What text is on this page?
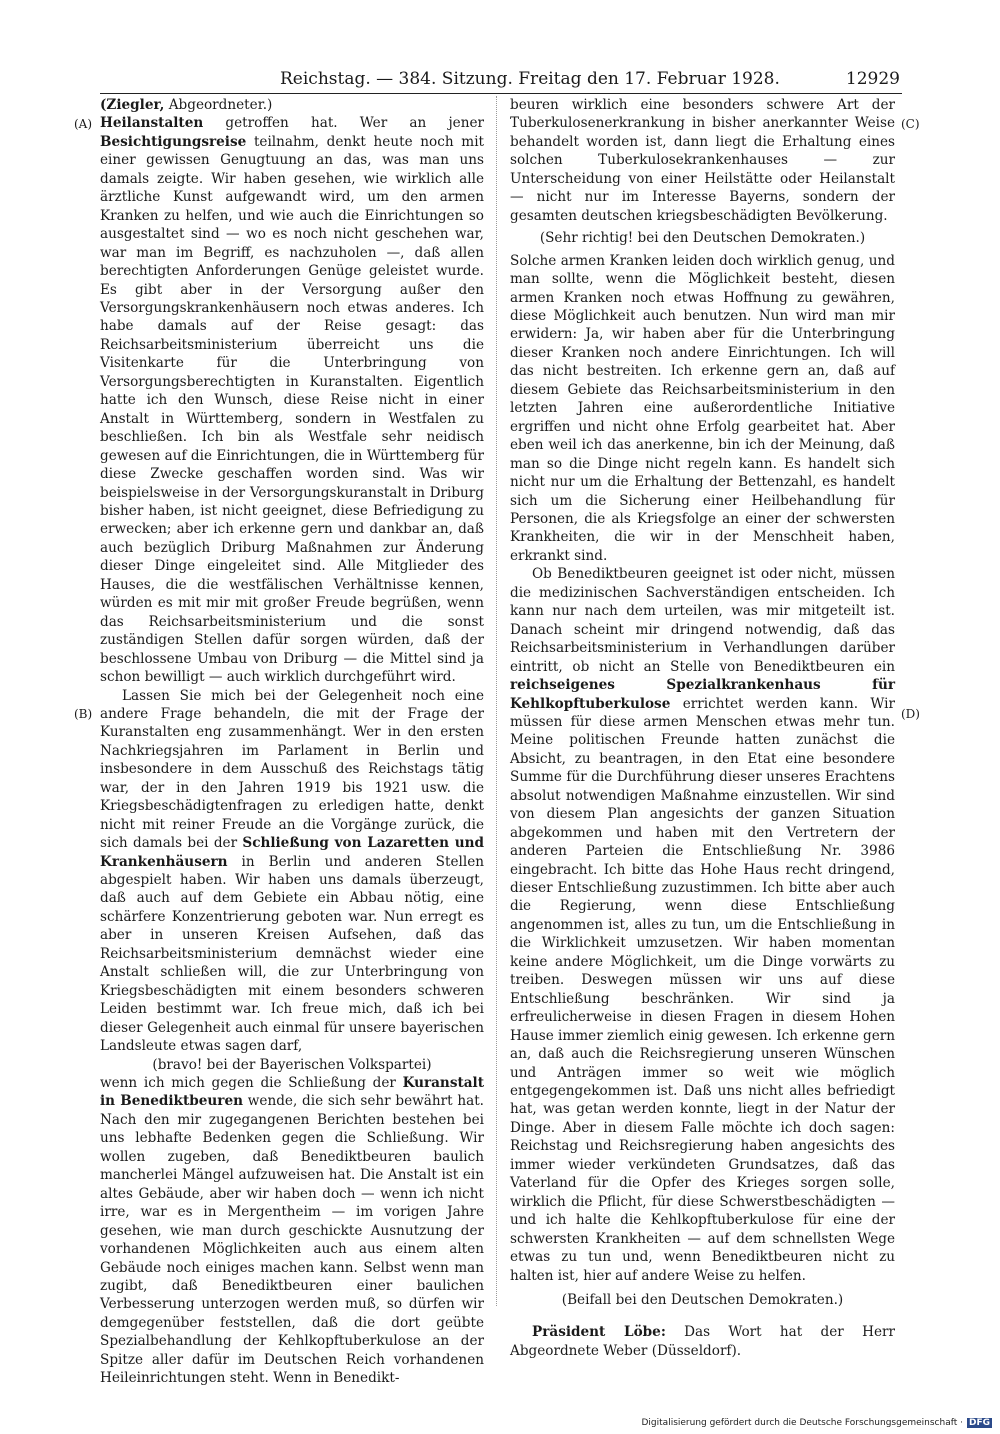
Reichstag. — 384. Sitzung. Freitag den 17. Februar 1928.	12929
(A)
(B)
(C)
(D)

(Ziegler, Abgeordneter.)

Heilanstalten getroffen hat. Wer an jener Besichtigungsreise teilnahm, denkt heute noch mit einer gewissen Genugtuung an das, was man uns damals zeigte. Wir haben gesehen, wie wirklich alle ärztliche Kunst aufgewandt wird, um den armen Kranken zu helfen, und wie auch die Einrichtungen so ausgestaltet sind — wo es noch nicht geschehen war, war man im Begriff, es nachzuholen —, daß allen berechtigten Anforderungen Genüge geleistet wurde. Es gibt aber in der Versorgung außer den Versorgungskrankenhäusern noch etwas anderes. Ich habe damals auf der Reise gesagt: das Reichsarbeitsministerium überreicht uns die Visitenkarte für die Unterbringung von Versorgungsberechtigten in Kuranstalten. Eigentlich hatte ich den Wunsch, diese Reise nicht in einer Anstalt in Württemberg, sondern in Westfalen zu beschließen. Ich bin als Westfale sehr neidisch gewesen auf die Einrichtungen, die in Württemberg für diese Zwecke geschaffen worden sind. Was wir beispielsweise in der Versorgungskuranstalt in Driburg bisher haben, ist nicht geeignet, diese Befriedigung zu erwecken; aber ich erkenne gern und dankbar an, daß auch bezüglich Driburg Maßnahmen zur Änderung dieser Dinge eingeleitet sind. Alle Mitglieder des Hauses, die die westfälischen Verhältnisse kennen, würden es mit mir mit großer Freude begrüßen, wenn das Reichsarbeitsministerium und die sonst zuständigen Stellen dafür sorgen würden, daß der beschlossene Umbau von Driburg — die Mittel sind ja schon bewilligt — auch wirklich durchgeführt wird.

Lassen Sie mich bei der Gelegenheit noch eine andere Frage behandeln, die mit der Frage der Kuranstalten eng zusammenhängt. Wer in den ersten Nachkriegsjahren im Parlament in Berlin und insbesondere in dem Ausschuß des Reichstags tätig war, der in den Jahren 1919 bis 1921 usw. die Kriegsbeschädigtenfragen zu erledigen hatte, denkt nicht mit reiner Freude an die Vorgänge zurück, die sich damals bei der Schließung von Lazaretten und Krankenhäusern in Berlin und anderen Stellen abgespielt haben. Wir haben uns damals überzeugt, daß auch auf dem Gebiete ein Abbau nötig, eine schärfere Konzentrierung geboten war. Nun erregt es aber in unseren Kreisen Aufsehen, daß das Reichsarbeitsministerium demnächst wieder eine Anstalt schließen will, die zur Unterbringung von Kriegsbeschädigten mit einem besonders schweren Leiden bestimmt war. Ich freue mich, daß ich bei dieser Gelegenheit auch einmal für unsere bayerischen Landsleute etwas sagen darf,

(bravo! bei der Bayerischen Volkspartei)

wenn ich mich gegen die Schließung der Kuranstalt in Benediktbeuren wende, die sich sehr bewährt hat. Nach den mir zugegangenen Berichten bestehen bei uns lebhafte Bedenken gegen die Schließung. Wir wollen zugeben, daß Benediktbeuren baulich mancherlei Mängel aufzuweisen hat. Die Anstalt ist ein altes Gebäude, aber wir haben doch — wenn ich nicht irre, war es in Mergentheim — im vorigen Jahre gesehen, wie man durch geschickte Ausnutzung der vorhandenen Möglichkeiten auch aus einem alten Gebäude noch einiges machen kann. Selbst wenn man zugibt, daß Benediktbeuren einer baulichen Verbesserung unterzogen werden muß, so dürfen wir demgegenüber feststellen, daß die dort geübte Spezialbehandlung der Kehlkopftuberkulose an der Spitze aller dafür im Deutschen Reich vorhandenen Heileinrichtungen steht. Wenn in Benedikt-

beuren wirklich eine besonders schwere Art der Tuberkulosenerkrankung in bisher anerkannter Weise behandelt worden ist, dann liegt die Erhaltung eines solchen Tuberkulosekrankenhauses — zur Unterscheidung von einer Heilstätte oder Heilanstalt — nicht nur im Interesse Bayerns, sondern der gesamten deutschen kriegsbeschädigten Bevölkerung.

(Sehr richtig! bei den Deutschen Demokraten.)

Solche armen Kranken leiden doch wirklich genug, und man sollte, wenn die Möglichkeit besteht, diesen armen Kranken noch etwas Hoffnung zu gewähren, diese Möglichkeit auch benutzen. Nun wird man mir erwidern: Ja, wir haben aber für die Unterbringung dieser Kranken noch andere Einrichtungen. Ich will das nicht bestreiten. Ich erkenne gern an, daß auf diesem Gebiete das Reichsarbeitsministerium in den letzten Jahren eine außerordentliche Initiative ergriffen und nicht ohne Erfolg gearbeitet hat. Aber eben weil ich das anerkenne, bin ich der Meinung, daß man so die Dinge nicht regeln kann. Es handelt sich nicht nur um die Erhaltung der Bettenzahl, es handelt sich um die Sicherung einer Heilbehandlung für Personen, die als Kriegsfolge an einer der schwersten Krankheiten, die wir in der Menschheit haben, erkrankt sind.

Ob Benediktbeuren geeignet ist oder nicht, müssen die medizinischen Sachverständigen entscheiden. Ich kann nur nach dem urteilen, was mir mitgeteilt ist. Danach scheint mir dringend notwendig, daß das Reichsarbeitsministerium in Verhandlungen darüber eintritt, ob nicht an Stelle von Benediktbeuren ein reichseigenes Spezialkrankenhaus für Kehlkopftuberkulose errichtet werden kann. Wir müssen für diese armen Menschen etwas mehr tun. Meine politischen Freunde hatten zunächst die Absicht, zu beantragen, in den Etat eine besondere Summe für die Durchführung dieser unseres Erachtens absolut notwendigen Maßnahme einzustellen. Wir sind von diesem Plan angesichts der ganzen Situation abgekommen und haben mit den Vertretern der anderen Parteien die Entschließung Nr. 3986 eingebracht. Ich bitte das Hohe Haus recht dringend, dieser Entschließung zuzustimmen. Ich bitte aber auch die Regierung, wenn diese Entschließung angenommen ist, alles zu tun, um die Entschließung in die Wirklichkeit umzusetzen. Wir haben momentan keine andere Möglichkeit, um die Dinge vorwärts zu treiben. Deswegen müssen wir uns auf diese Entschließung beschränken. Wir sind ja erfreulicherweise in diesen Fragen in diesem Hohen Hause immer ziemlich einig gewesen. Ich erkenne gern an, daß auch die Reichsregierung unseren Wünschen und Anträgen immer so weit wie möglich entgegengekommen ist. Daß uns nicht alles befriedigt hat, was getan werden konnte, liegt in der Natur der Dinge. Aber in diesem Falle möchte ich doch sagen: Reichstag und Reichsregierung haben angesichts des immer wieder verkündeten Grundsatzes, daß das Vaterland für die Opfer des Krieges sorgen solle, wirklich die Pflicht, für diese Schwerstbeschädigten — und ich halte die Kehlkopftuberkulose für eine der schwersten Krankheiten — auf dem schnellsten Wege etwas zu tun und, wenn Benediktbeuren nicht zu halten ist, hier auf andere Weise zu helfen.

(Beifall bei den Deutschen Demokraten.)

Präsident Löbe: Das Wort hat der Herr Abgeordnete Weber (Düsseldorf).

Digitalisierung gefördert durch die Deutsche Forschungsgemeinschaft · DFG
